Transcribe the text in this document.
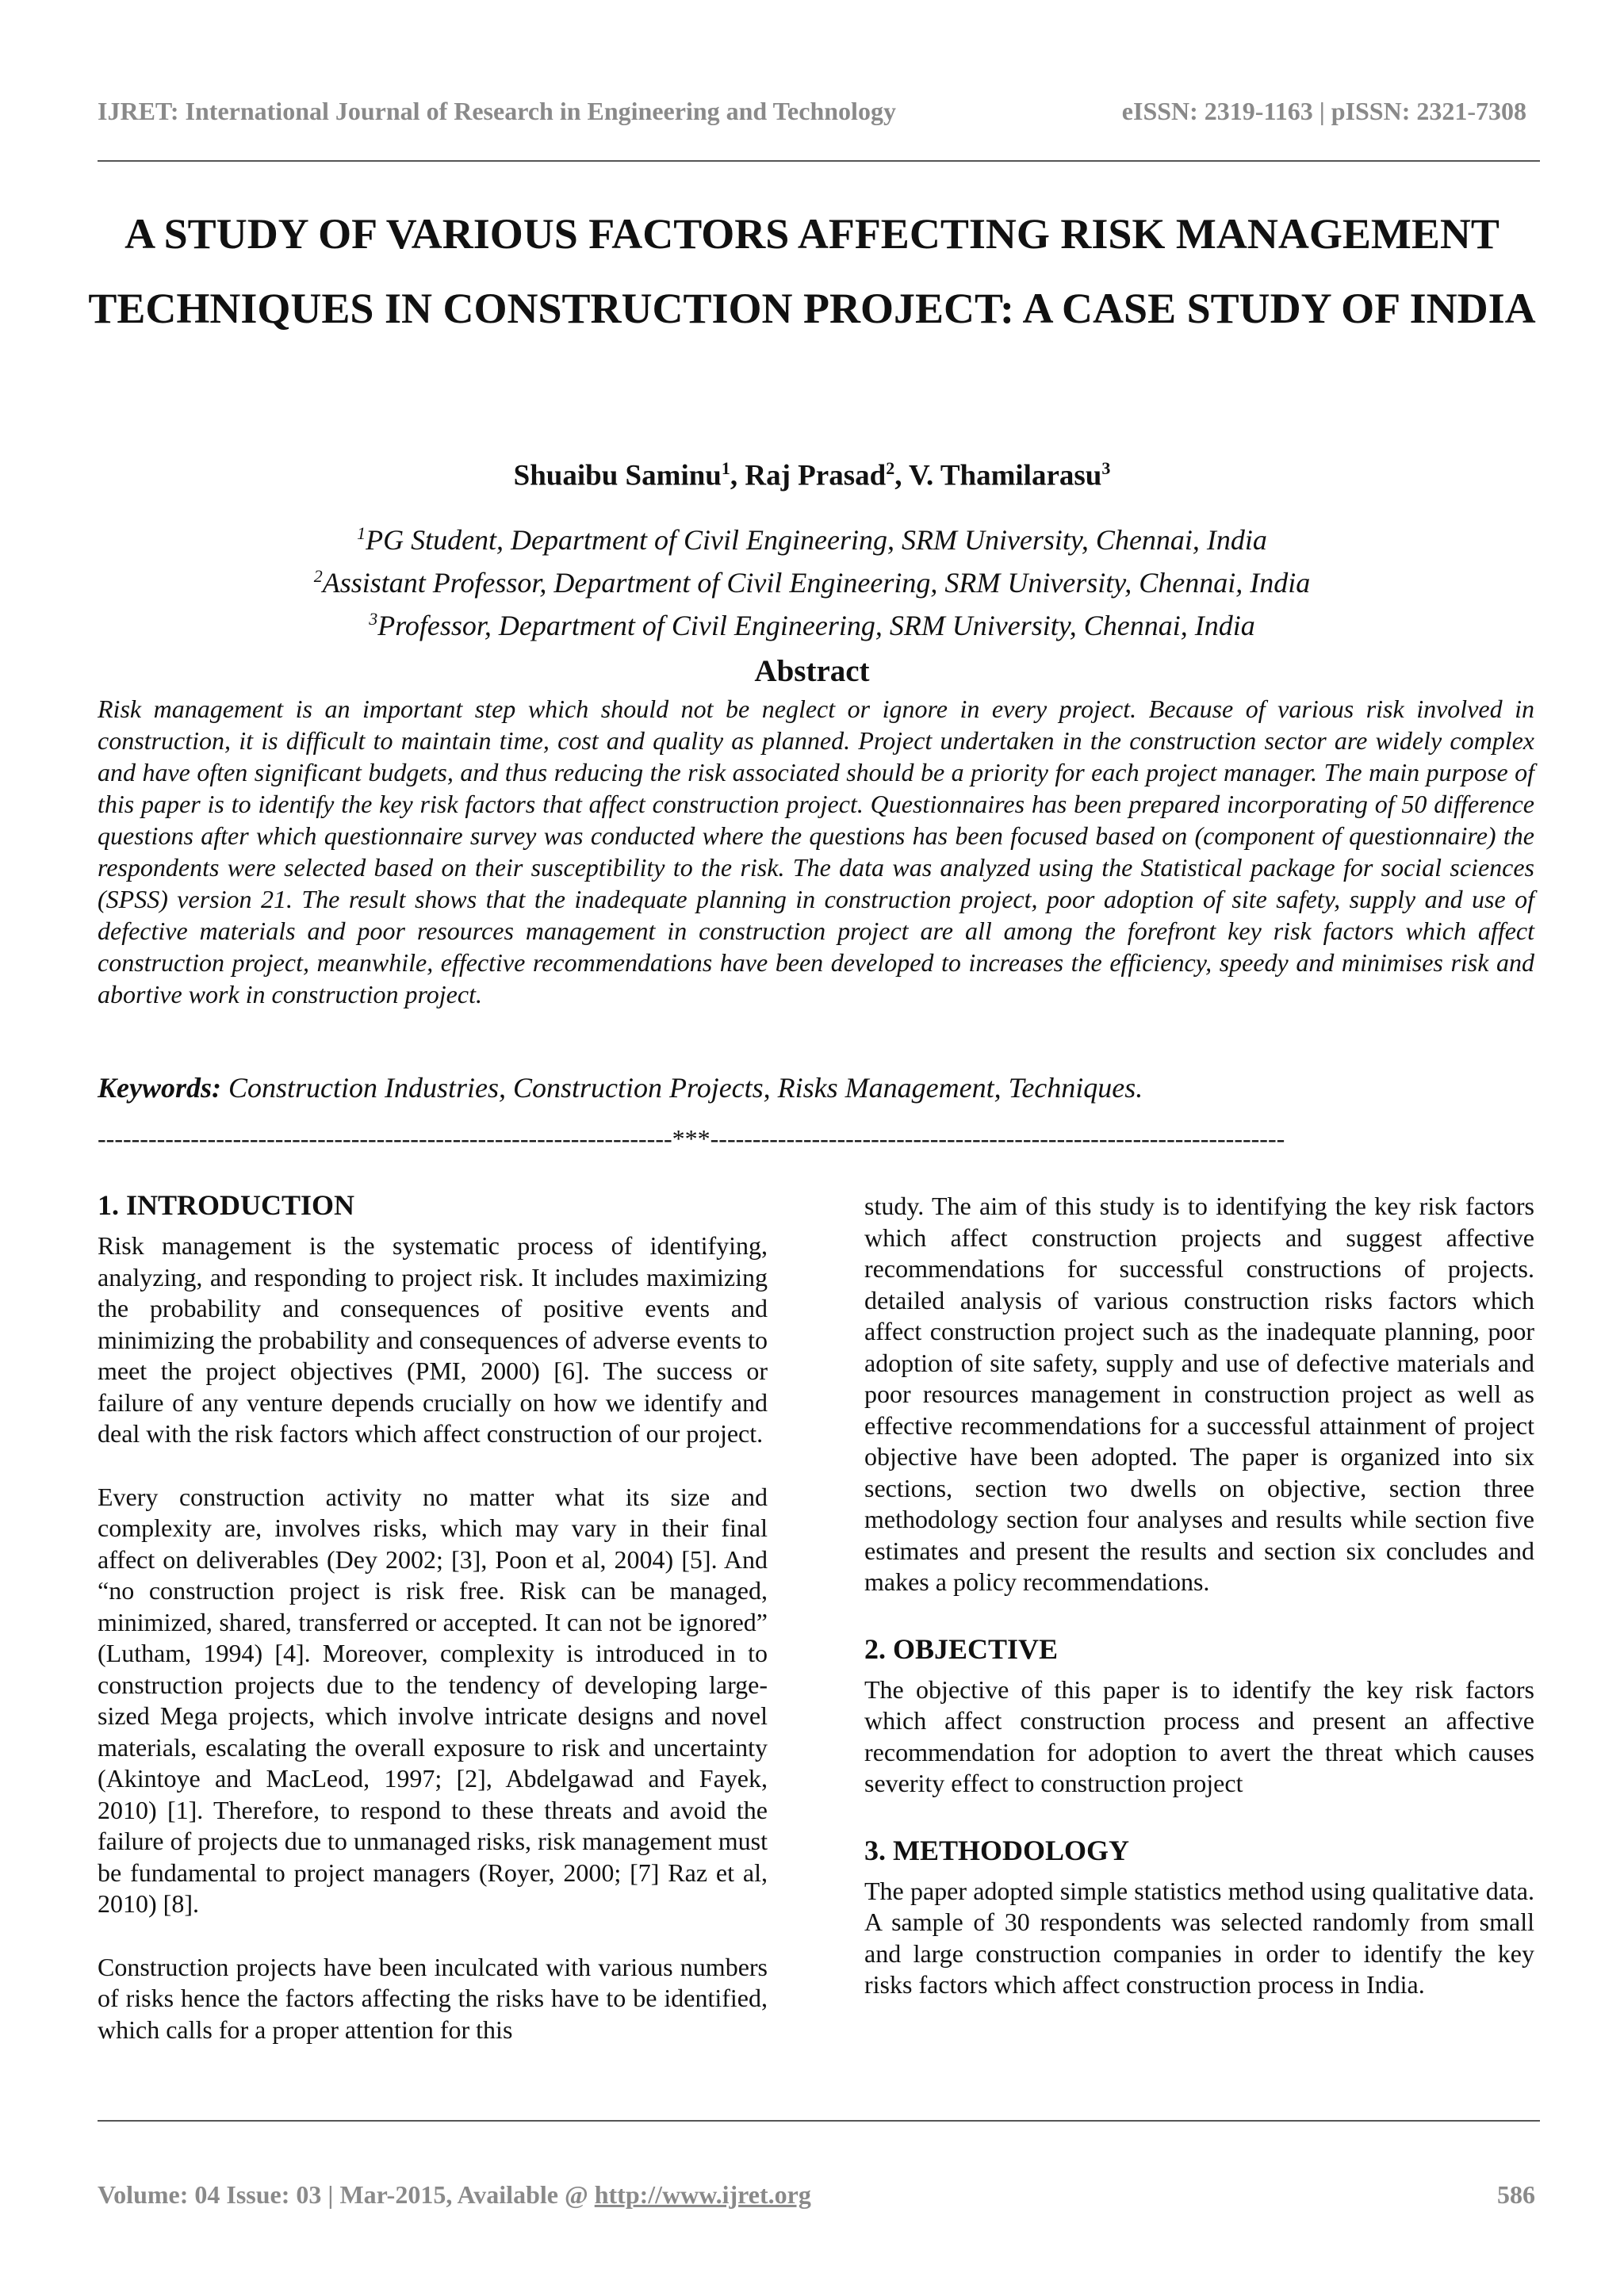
IJRET: International Journal of Research in Engineering and Technology	eISSN: 2319-1163 | pISSN: 2321-7308
A STUDY OF VARIOUS FACTORS AFFECTING RISK MANAGEMENT TECHNIQUES IN CONSTRUCTION PROJECT: A CASE STUDY OF INDIA
Shuaibu Saminu$^1$, Raj Prasad$^2$, V. Thamilarasu$^3$
$^1$PG Student, Department of Civil Engineering, SRM University, Chennai, India
$^2$Assistant Professor, Department of Civil Engineering, SRM University, Chennai, India
$^3$Professor, Department of Civil Engineering, SRM University, Chennai, India
Abstract

Risk management is an important step which should not be neglect or ignore in every project. Because of various risk involved in construction, it is difficult to maintain time, cost and quality as planned. Project undertaken in the construction sector are widely complex and have often significant budgets, and thus reducing the risk associated should be a priority for each project manager. The main purpose of this paper is to identify the key risk factors that affect construction project. Questionnaires has been prepared incorporating of 50 difference questions after which questionnaire survey was conducted where the questions has been focused based on (component of questionnaire) the respondents were selected based on their susceptibility to the risk. The data was analyzed using the Statistical package for social sciences (SPSS) version 21. The result shows that the inadequate planning in construction project, poor adoption of site safety, supply and use of defective materials and poor resources management in construction project are all among the forefront key risk factors which affect construction project, meanwhile, effective recommendations have been developed to increases the efficiency, speedy and minimises risk and abortive work in construction project.

Keywords: Construction Industries, Construction Projects, Risks Management, Techniques.
--------------------------------------------------------------------***--------------------------------------------------------------------
1. INTRODUCTION

Risk management is the systematic process of identifying, analyzing, and responding to project risk. It includes maximizing the probability and consequences of positive events and minimizing the probability and consequences of adverse events to meet the project objectives (PMI, 2000) [6]. The success or failure of any venture depends crucially on how we identify and deal with the risk factors which affect construction of our project.

Every construction activity no matter what its size and complexity are, involves risks, which may vary in their final affect on deliverables (Dey 2002; [3], Poon et al, 2004) [5]. And “no construction project is risk free. Risk can be managed, minimized, shared, transferred or accepted. It can not be ignored” (Lutham, 1994) [4]. Moreover, complexity is introduced in to construction projects due to the tendency of developing large-sized Mega projects, which involve intricate designs and novel materials, escalating the overall exposure to risk and uncertainty (Akintoye and MacLeod, 1997; [2], Abdelgawad and Fayek, 2010) [1]. Therefore, to respond to these threats and avoid the failure of projects due to unmanaged risks, risk management must be fundamental to project managers (Royer, 2000; [7] Raz et al, 2010) [8].

Construction projects have been inculcated with various numbers of risks hence the factors affecting the risks have to be identified, which calls for a proper attention for this

study. The aim of this study is to identifying the key risk factors which affect construction projects and suggest affective recommendations for successful constructions of projects. detailed analysis of various construction risks factors which affect construction project such as the inadequate planning, poor adoption of site safety, supply and use of defective materials and poor resources management in construction project as well as effective recommendations for a successful attainment of project objective have been adopted. The paper is organized into six sections, section two dwells on objective, section three methodology section four analyses and results while section five estimates and present the results and section six concludes and makes a policy recommendations.

2. OBJECTIVE

The objective of this paper is to identify the key risk factors which affect construction process and present an affective recommendation for adoption to avert the threat which causes severity effect to construction project

3. METHODOLOGY

The paper adopted simple statistics method using qualitative data. A sample of 30 respondents was selected randomly from small and large construction companies in order to identify the key risks factors which affect construction process in India.

Volume: 04 Issue: 03 | Mar-2015, Available @ http://www.ijret.org	586
